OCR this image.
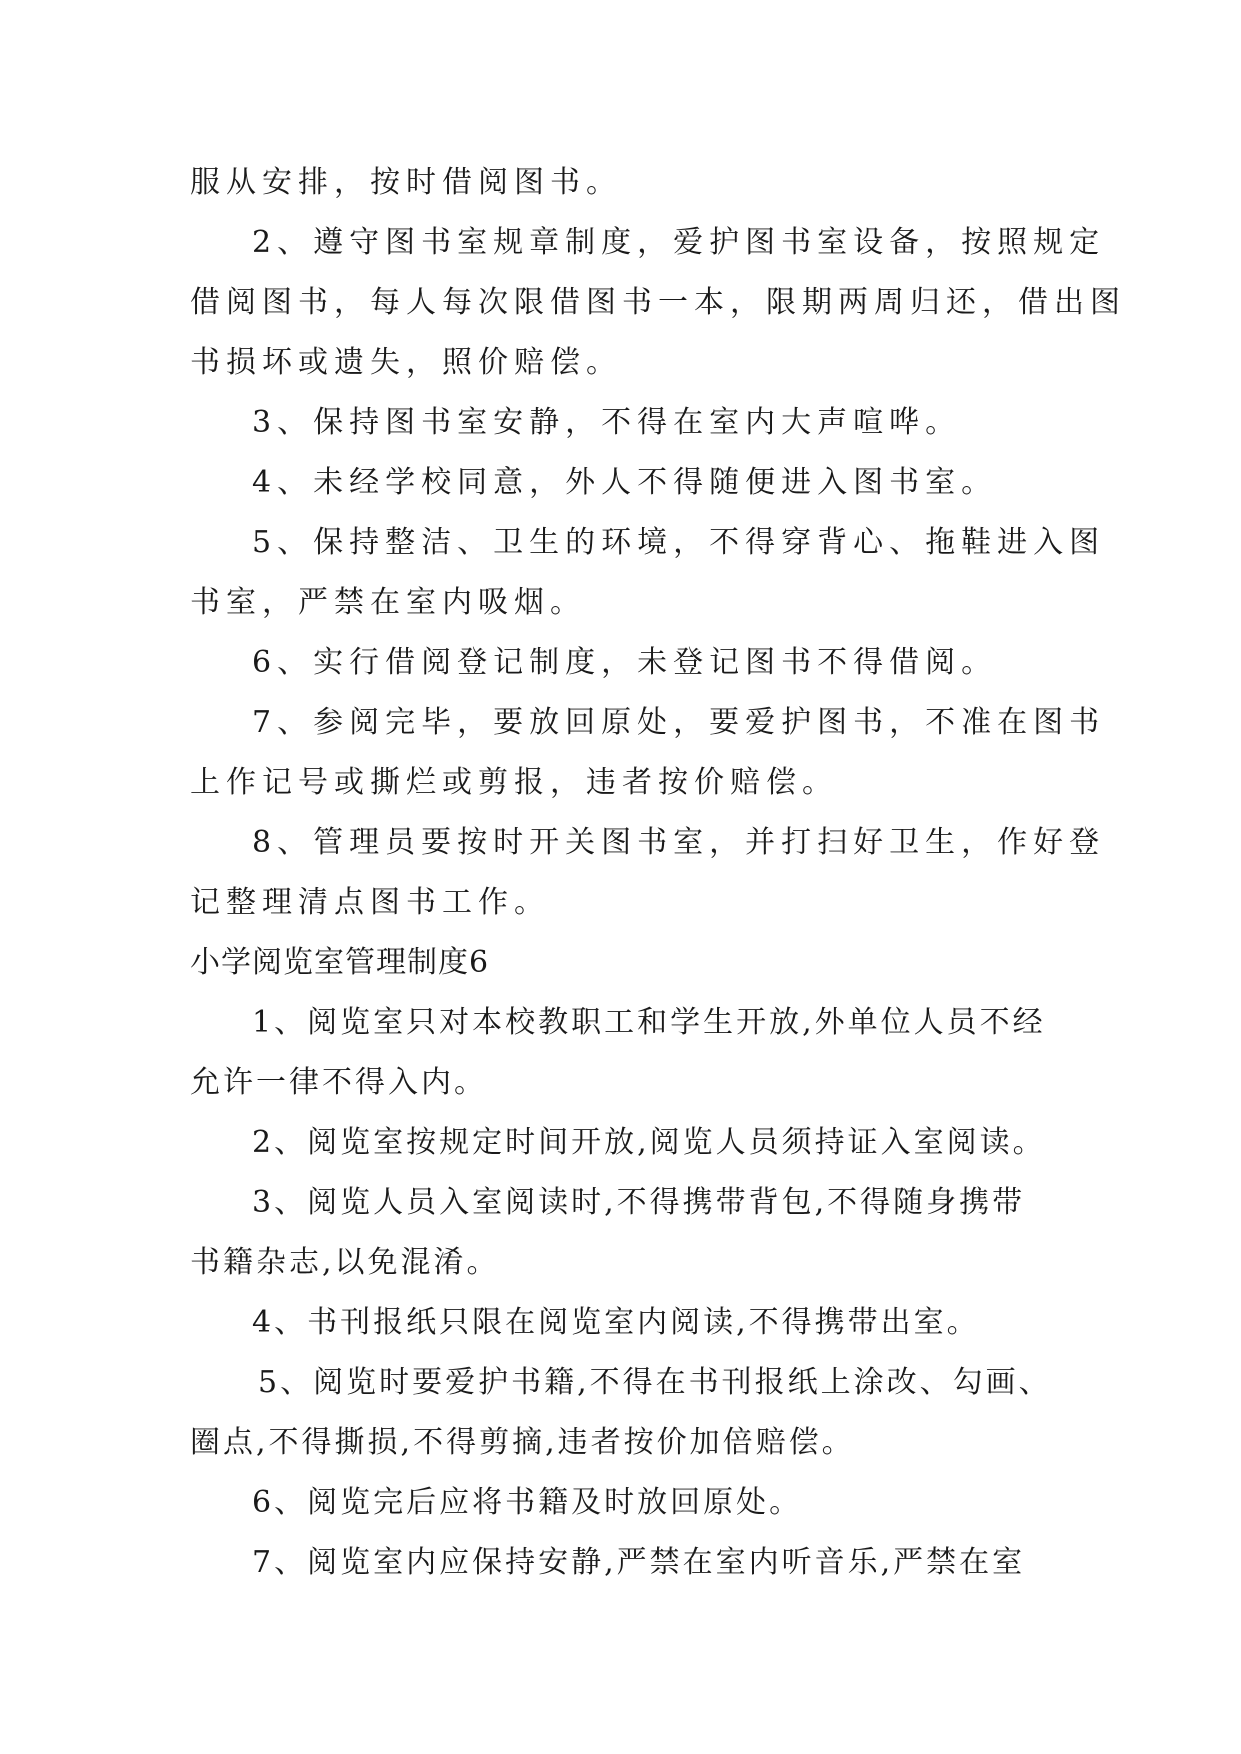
服从安排，按时借阅图书。
2、遵守图书室规章制度，爱护图书室设备，按照规定
借阅图书，每人每次限借图书一本，限期两周归还，借出图
书损坏或遗失，照价赔偿。
3、保持图书室安静，不得在室内大声喧哗。
4、未经学校同意，外人不得随便进入图书室。
5、保持整洁、卫生的环境，不得穿背心、拖鞋进入图
书室，严禁在室内吸烟。
6、实行借阅登记制度，未登记图书不得借阅。
7、参阅完毕，要放回原处，要爱护图书，不准在图书
上作记号或撕烂或剪报，违者按价赔偿。
8、管理员要按时开关图书室，并打扫好卫生，作好登
记整理清点图书工作。
小学阅览室管理制度6
1、阅览室只对本校教职工和学生开放,外单位人员不经
允许一律不得入内。
2、阅览室按规定时间开放,阅览人员须持证入室阅读。
3、阅览人员入室阅读时,不得携带背包,不得随身携带
书籍杂志,以免混淆。
4、书刊报纸只限在阅览室内阅读,不得携带出室。
5、阅览时要爱护书籍,不得在书刊报纸上涂改、勾画、
圈点,不得撕损,不得剪摘,违者按价加倍赔偿。
6、阅览完后应将书籍及时放回原处。
7、阅览室内应保持安静,严禁在室内听音乐,严禁在室
